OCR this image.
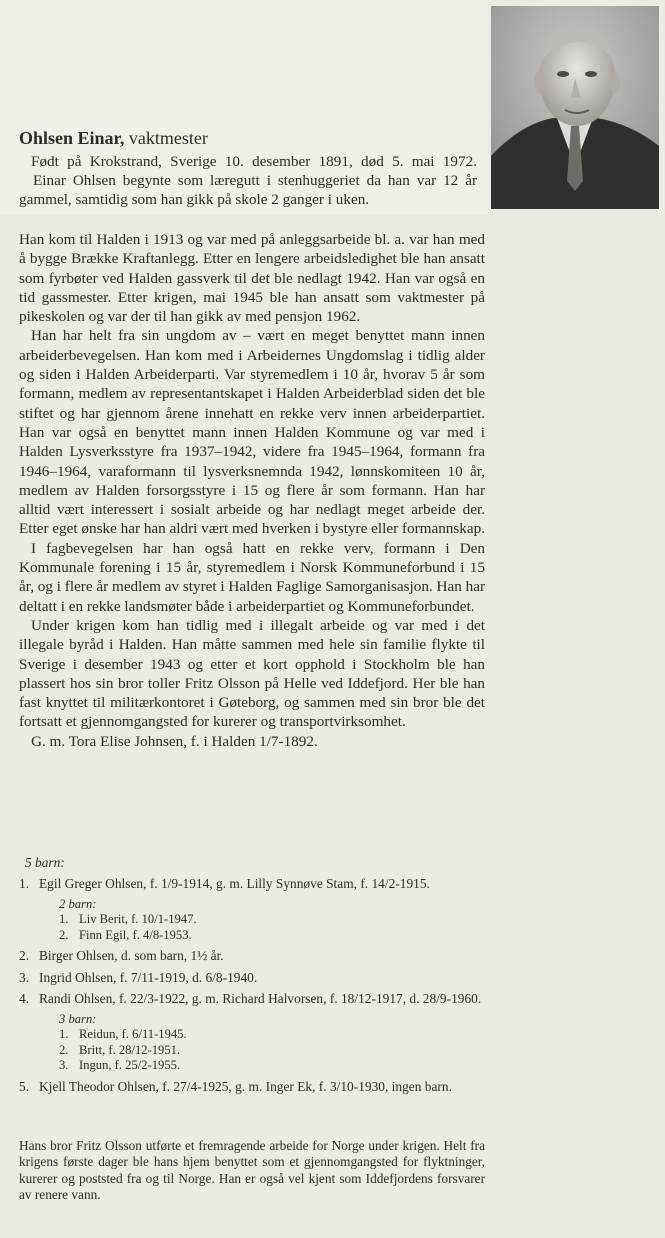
Ohlsen Einar, vaktmester

Født på Krokstrand, Sverige 10. desember 1891, død 5. mai 1972.

Einar Ohlsen begynte som læregutt i stenhuggeriet da han var 12 år gammel, samtidig som han gikk på skole 2 ganger i uken.

Han kom til Halden i 1913 og var med på anleggsarbeide bl. a. var han med å bygge Brække Kraftanlegg. Etter en lengere arbeidsledighet ble han ansatt som fyrbøter ved Halden gassverk til det ble nedlagt 1942. Han var også en tid gassmester. Etter krigen, mai 1945 ble han ansatt som vaktmester på pikeskolen og var der til han gikk av med pensjon 1962.

Han har helt fra sin ungdom av – vært en meget benyttet mann innen arbeiderbevegelsen. Han kom med i Arbeidernes Ungdomslag i tidlig alder og siden i Halden Arbeiderparti. Var styremedlem i 10 år, hvorav 5 år som formann, medlem av representantskapet i Halden Arbeiderblad siden det ble stiftet og har gjennom årene innehatt en rekke verv innen arbeiderpartiet. Han var også en benyttet mann innen Halden Kommune og var med i Halden Lysverksstyre fra 1937–1942, videre fra 1945–1964, formann fra 1946–1964, varaformann til lysverksnemnda 1942, lønnskomiteen 10 år, medlem av Halden forsorgsstyre i 15 og flere år som formann. Han har alltid vært interessert i sosialt arbeide og har nedlagt meget arbeide der. Etter eget ønske har han aldri vært med hverken i bystyre eller formannskap.

I fagbevegelsen har han også hatt en rekke verv, formann i Den Kommunale forening i 15 år, styremedlem i Norsk Kommuneforbund i 15 år, og i flere år medlem av styret i Halden Faglige Samorganisasjon. Han har deltatt i en rekke landsmøter både i arbeiderpartiet og Kommuneforbundet.

Under krigen kom han tidlig med i illegalt arbeide og var med i det illegale byråd i Halden. Han måtte sammen med hele sin familie flykte til Sverige i desember 1943 og etter et kort opphold i Stockholm ble han plassert hos sin bror toller Fritz Olsson på Helle ved Iddefjord. Her ble han fast knyttet til militærkontoret i Gøteborg, og sammen med sin bror ble det fortsatt et gjennomgangsted for kurerer og transportvirksomhet.

G. m. Tora Elise Johnsen, f. i Halden 1/7-1892.

5 barn:
1. Egil Greger Ohlsen, f. 1/9-1914, g. m. Lilly Synnøve Stam, f. 14/2-1915.
2 barn:
1. Liv Berit, f. 10/1-1947.
2. Finn Egil, f. 4/8-1953.
2. Birger Ohlsen, d. som barn, 1½ år.
3. Ingrid Ohlsen, f. 7/11-1919, d. 6/8-1940.
4. Randi Ohlsen, f. 22/3-1922, g. m. Richard Halvorsen, f. 18/12-1917, d. 28/9-1960.
3 barn:
1. Reidun, f. 6/11-1945.
2. Britt, f. 28/12-1951.
3. Ingun, f. 25/2-1955.
5. Kjell Theodor Ohlsen, f. 27/4-1925, g. m. Inger Ek, f. 3/10-1930, ingen barn.

Hans bror Fritz Olsson utførte et fremragende arbeide for Norge under krigen. Helt fra krigens første dager ble hans hjem benyttet som et gjennomgangsted for flyktninger, kurerer og poststed fra og til Norge. Han er også vel kjent som Iddefjordens forsvarer av renere vann.
